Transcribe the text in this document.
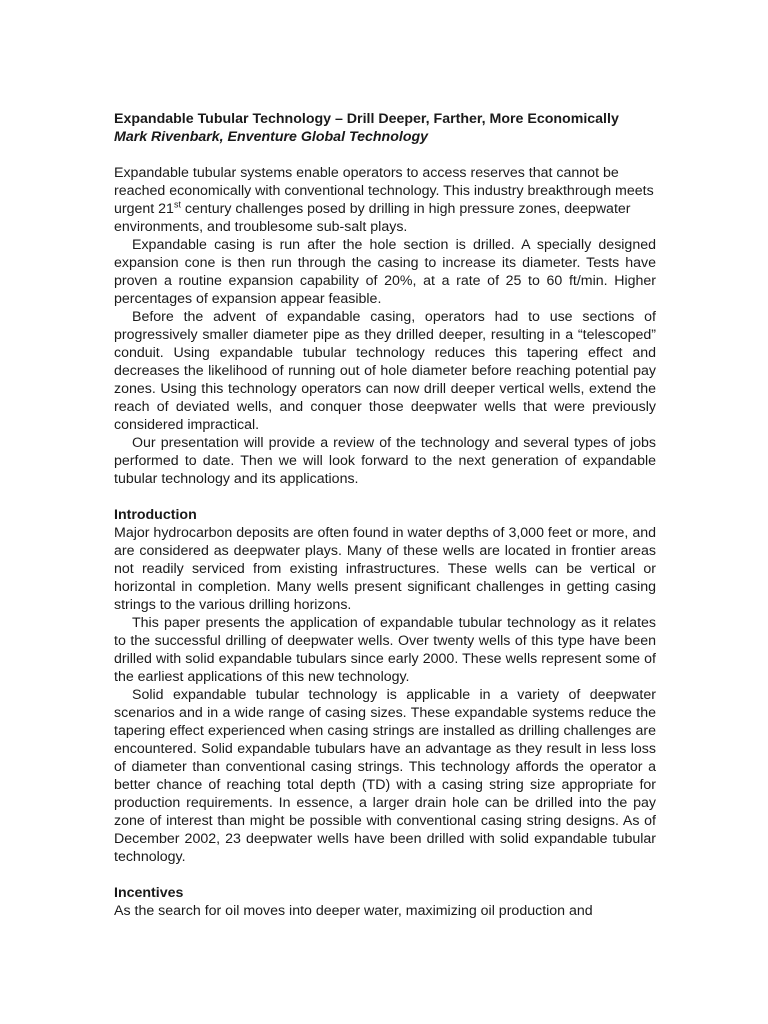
Expandable Tubular Technology – Drill Deeper, Farther, More Economically

Mark Rivenbark, Enventure Global Technology

Expandable tubular systems enable operators to access reserves that cannot be reached economically with conventional technology. This industry breakthrough meets urgent 21st century challenges posed by drilling in high pressure zones, deepwater environments, and troublesome sub-salt plays.

Expandable casing is run after the hole section is drilled. A specially designed expansion cone is then run through the casing to increase its diameter. Tests have proven a routine expansion capability of 20%, at a rate of 25 to 60 ft/min. Higher percentages of expansion appear feasible.

Before the advent of expandable casing, operators had to use sections of progressively smaller diameter pipe as they drilled deeper, resulting in a “telescoped” conduit. Using expandable tubular technology reduces this tapering effect and decreases the likelihood of running out of hole diameter before reaching potential pay zones. Using this technology operators can now drill deeper vertical wells, extend the reach of deviated wells, and conquer those deepwater wells that were previously considered impractical.

Our presentation will provide a review of the technology and several types of jobs performed to date. Then we will look forward to the next generation of expandable tubular technology and its applications.

Introduction

Major hydrocarbon deposits are often found in water depths of 3,000 feet or more, and are considered as deepwater plays. Many of these wells are located in frontier areas not readily serviced from existing infrastructures. These wells can be vertical or horizontal in completion. Many wells present significant challenges in getting casing strings to the various drilling horizons.

This paper presents the application of expandable tubular technology as it relates to the successful drilling of deepwater wells. Over twenty wells of this type have been drilled with solid expandable tubulars since early 2000. These wells represent some of the earliest applications of this new technology.

Solid expandable tubular technology is applicable in a variety of deepwater scenarios and in a wide range of casing sizes. These expandable systems reduce the tapering effect experienced when casing strings are installed as drilling challenges are encountered. Solid expandable tubulars have an advantage as they result in less loss of diameter than conventional casing strings. This technology affords the operator a better chance of reaching total depth (TD) with a casing string size appropriate for production requirements. In essence, a larger drain hole can be drilled into the pay zone of interest than might be possible with conventional casing string designs. As of December 2002, 23 deepwater wells have been drilled with solid expandable tubular technology.

Incentives

As the search for oil moves into deeper water, maximizing oil production and
